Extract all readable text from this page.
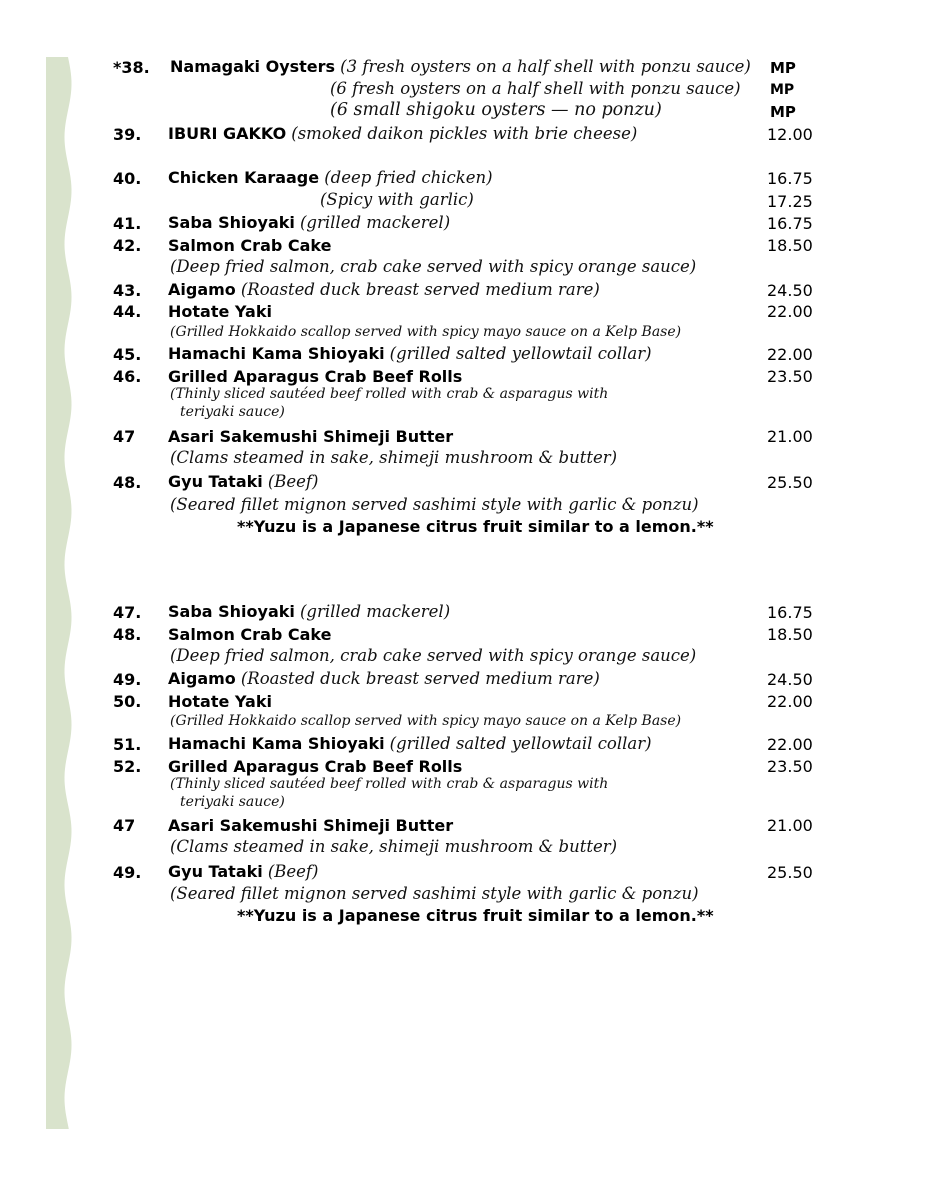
*38. Namagaki Oysters (3 fresh oysters on a half shell with ponzu sauce) MP
(6 fresh oysters on a half shell with ponzu sauce) MP
(6 small shigoku oysters — no ponzu)	MP
39. IBURI GAKKO (smoked daikon pickles with brie cheese)	12.00
40. Chicken Karaage (deep fried chicken)	16.75
(Spicy with garlic)	17.25
41. Saba Shioyaki (grilled mackerel)	16.75
42. Salmon Crab Cake	18.50
(Deep fried salmon, crab cake served with spicy orange sauce)
43. Aigamo (Roasted duck breast served medium rare)	24.50
44. Hotate Yaki	22.00
(Grilled Hokkaido scallop served with spicy mayo sauce on a Kelp Base)
45. Hamachi Kama Shioyaki (grilled salted yellowtail collar)	22.00
46. Grilled Aparagus Crab Beef Rolls	23.50
(Thinly sliced sautéed beef rolled with crab & asparagus with
teriyaki sauce)
47 Asari Sakemushi Shimeji Butter	21.00
(Clams steamed in sake, shimeji mushroom & butter)
48. Gyu Tataki (Beef)	25.50
(Seared fillet mignon served sashimi style with garlic & ponzu)
**Yuzu is a Japanese citrus fruit similar to a lemon.**
47. Saba Shioyaki (grilled mackerel)	16.75
48. Salmon Crab Cake	18.50
(Deep fried salmon, crab cake served with spicy orange sauce)
49. Aigamo (Roasted duck breast served medium rare)	24.50
50. Hotate Yaki	22.00
(Grilled Hokkaido scallop served with spicy mayo sauce on a Kelp Base)
51. Hamachi Kama Shioyaki (grilled salted yellowtail collar)	22.00
52. Grilled Aparagus Crab Beef Rolls	23.50
(Thinly sliced sautéed beef rolled with crab & asparagus with
teriyaki sauce)
47 Asari Sakemushi Shimeji Butter	21.00
(Clams steamed in sake, shimeji mushroom & butter)
49. Gyu Tataki (Beef)	25.50
(Seared fillet mignon served sashimi style with garlic & ponzu)
**Yuzu is a Japanese citrus fruit similar to a lemon.**
